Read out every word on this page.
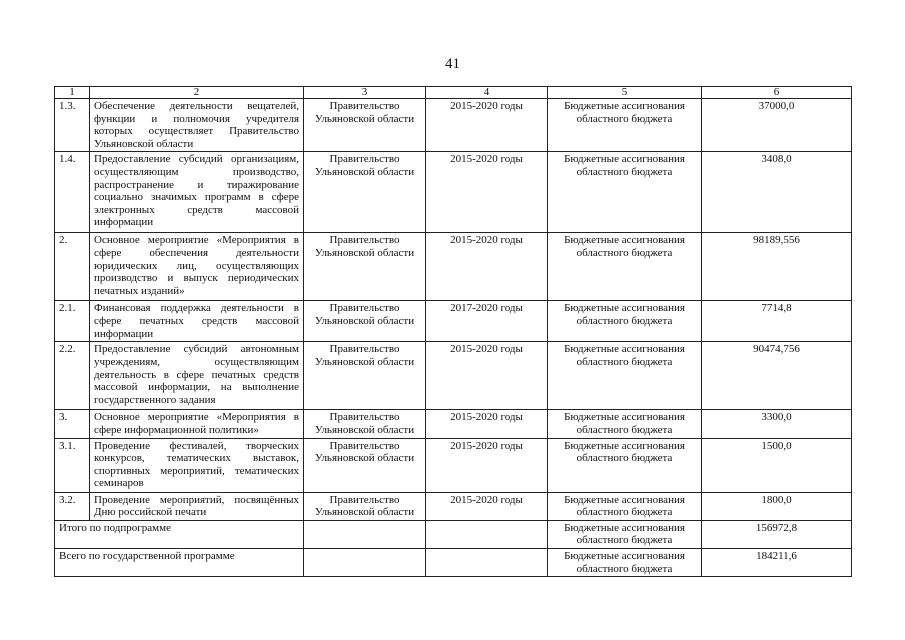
41
1	2	3	4	5	6
1.3.	Обеспечение деятельности вещателей, функции и полномочия учредителя которых осуществляет Правительство Ульяновской области	Правительство Ульяновской области	2015-2020 годы	Бюджетные ассигнования областного бюджета	37000,0
1.4.	Предоставление субсидий организациям, осуществляющим производство, распространение и тиражирование социально значимых программ в сфере электронных средств массовой информации	Правительство Ульяновской области	2015-2020 годы	Бюджетные ассигнования областного бюджета	3408,0
2.	Основное мероприятие «Мероприятия в сфере обеспечения деятельности юридических лиц, осуществляющих производство и выпуск периодических печатных изданий»	Правительство Ульяновской области	2015-2020 годы	Бюджетные ассигнования областного бюджета	98189,556
2.1.	Финансовая поддержка деятельности в сфере печатных средств массовой информации	Правительство Ульяновской области	2017-2020 годы	Бюджетные ассигнования областного бюджета	7714,8
2.2.	Предоставление субсидий автономным учреждениям, осуществляющим деятельность в сфере печатных средств массовой информации, на выполнение государственного задания	Правительство Ульяновской области	2015-2020 годы	Бюджетные ассигнования областного бюджета	90474,756
3.	Основное мероприятие «Мероприятия в сфере информационной политики»	Правительство Ульяновской области	2015-2020 годы	Бюджетные ассигнования областного бюджета	3300,0
3.1.	Проведение фестивалей, творческих конкурсов, тематических выставок, спортивных мероприятий, тематических семинаров	Правительство Ульяновской области	2015-2020 годы	Бюджетные ассигнования областного бюджета	1500,0
3.2.	Проведение мероприятий, посвящённых Дню российской печати	Правительство Ульяновской области	2015-2020 годы	Бюджетные ассигнования областного бюджета	1800,0
Итого по подпрограмме				Бюджетные ассигнования областного бюджета	156972,8
Всего по государственной программе				Бюджетные ассигнования областного бюджета	184211,6
